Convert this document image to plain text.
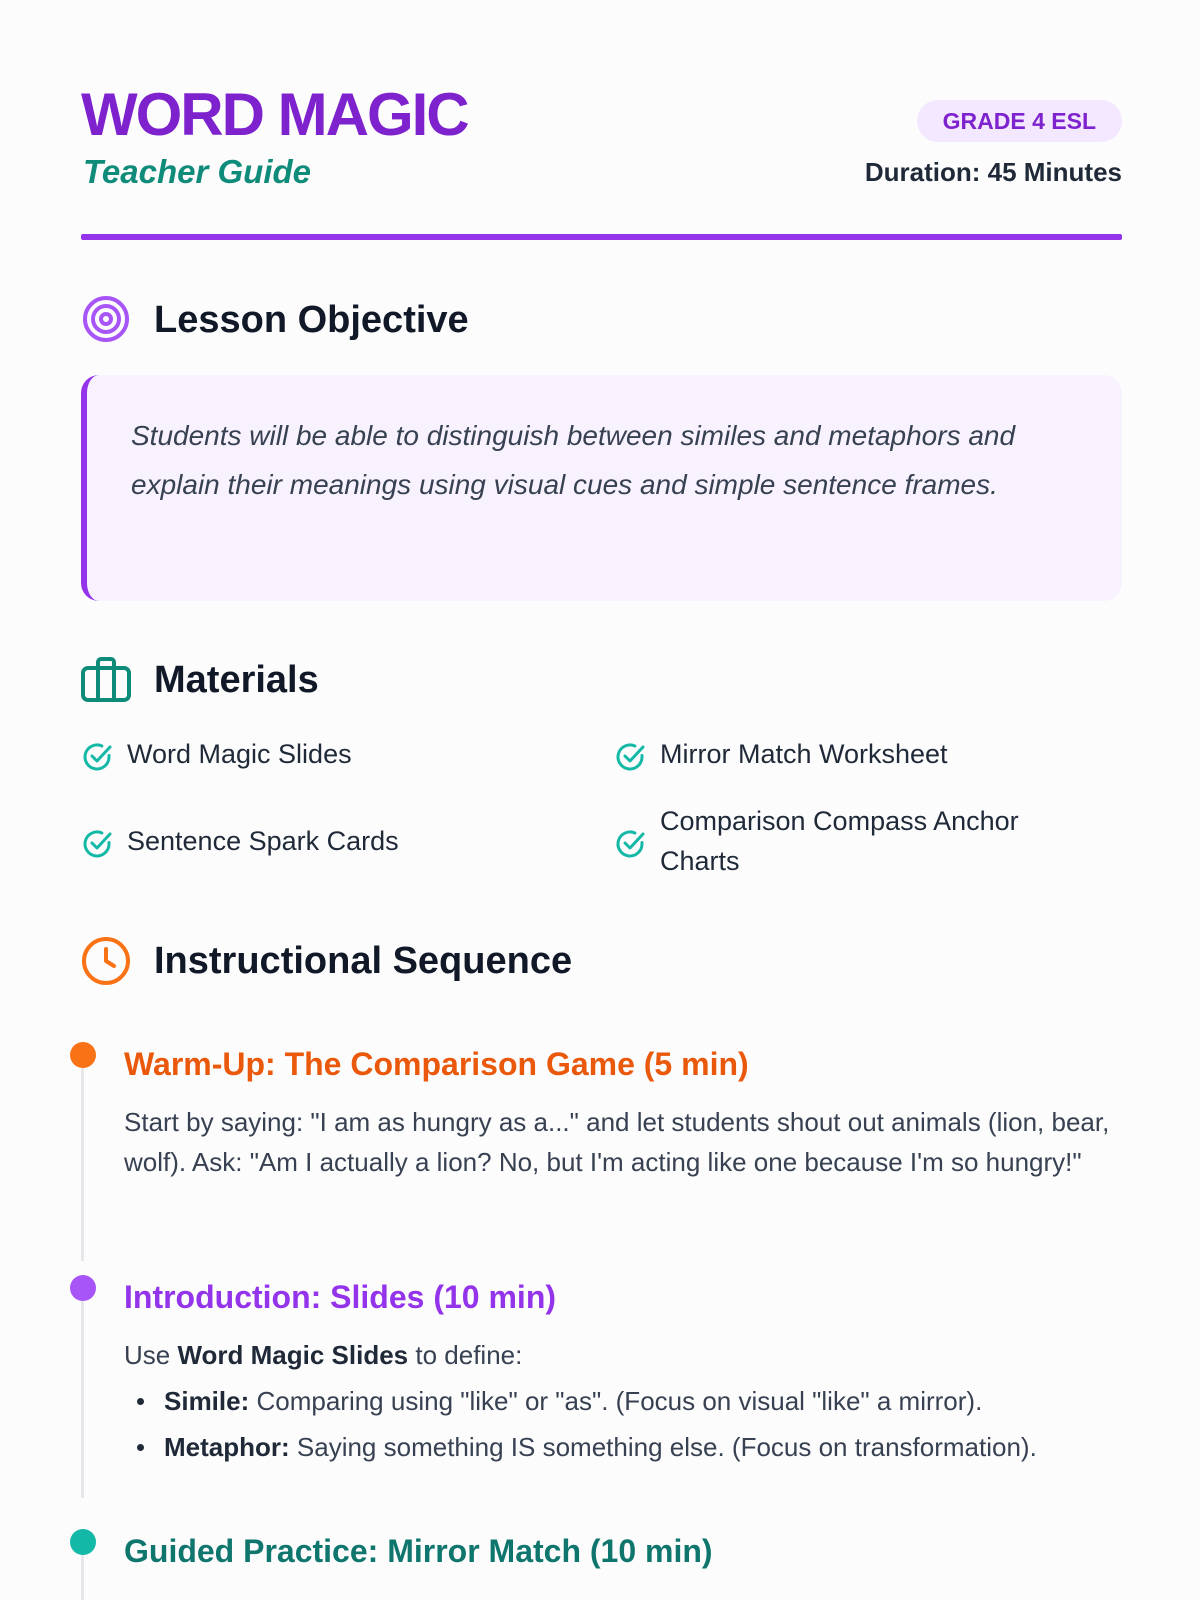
WORD MAGIC
Teacher Guide
GRADE 4 ESL
Duration: 45 Minutes
Lesson Objective

Students will be able to distinguish between similes and metaphors and explain their meanings using visual cues and simple sentence frames.

Materials
Word Magic Slides	Mirror Match Worksheet
Sentence Spark Cards
Comparison Compass Anchor Charts
Instructional Sequence
Warm-Up: The Comparison Game (5 min)
Start by saying: "I am as hungry as a..." and let students shout out animals (lion, bear, wolf). Ask: "Am I actually a lion? No, but I'm acting like one because I'm so hungry!"
Introduction: Slides (10 min)
Use Word Magic Slides to define:
Simile: Comparing using "like" or "as". (Focus on visual "like" a mirror).
Metaphor: Saying something IS something else. (Focus on transformation).
Guided Practice: Mirror Match (10 min)
